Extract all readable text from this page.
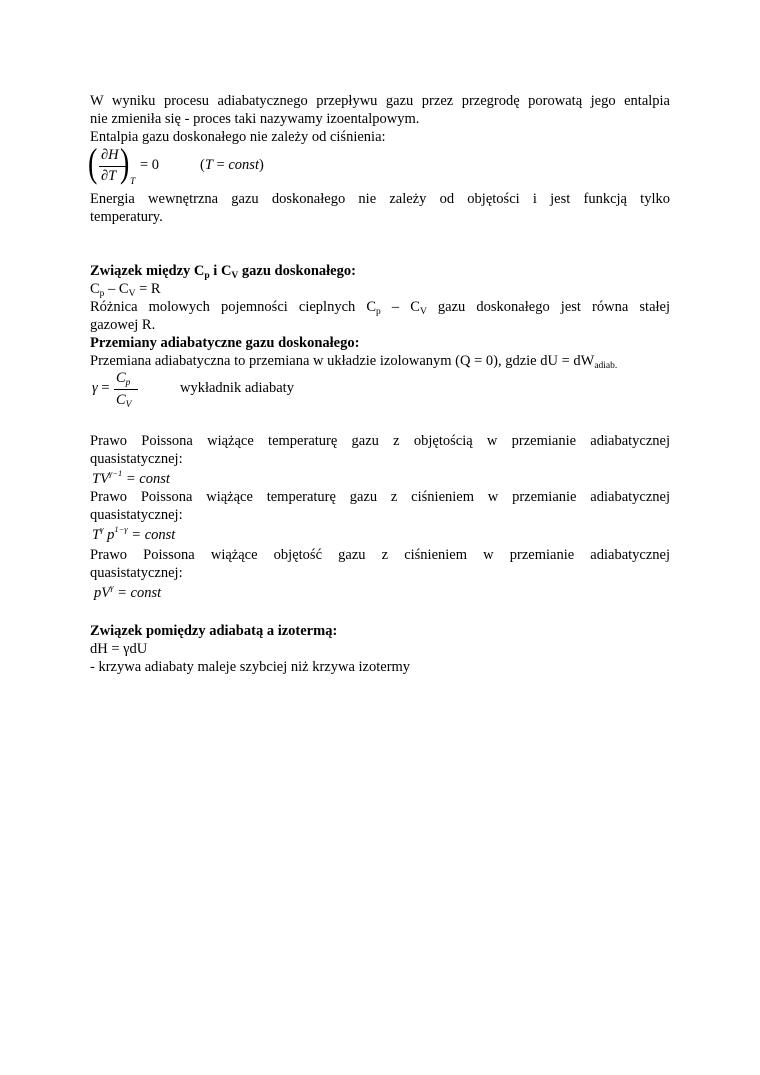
W wyniku procesu adiabatycznego przepływu gazu przez przegrodę porowatą jego entalpia
nie zmieniła się - proces taki nazywamy izoentalpowym.
Entalpia gazu doskonałego nie zależy od ciśnienia:
( ∂H
∂T ) T
= 0	(T = const)
Energia wewnętrzna gazu doskonałego nie zależy od objętości i jest funkcją tylko
temperatury.
Związek między $C_p$ i $C_V$ gazu doskonałego:
$C_p - C_V = R$
Różnica molowych pojemności cieplnych $C_p - C_V$ gazu doskonałego jest równa stałej
gazowej R.
Przemiany adiabatyczne gazu doskonałego:
Przemiana adiabatyczna to przemiana w układzie izolowanym (Q = 0), gdzie dU = $dW_{adiab.}$
γ =
$C_p$
$C_V$
wykładnik adiabaty
Prawo Poissona wiążące temperaturę gazu z objętością w przemianie adiabatycznej
quasistatycznej:
$TV^{\gamma-1}$ = const
Prawo Poissona wiążące temperaturę gazu z ciśnieniem w przemianie adiabatycznej
quasistatycznej:
$T^\gamma$ $p^{1-\gamma}$ = const
Prawo Poissona wiążące objętość gazu z ciśnieniem w przemianie adiabatycznej
quasistatycznej:
$pV^\gamma$ = const
Związek pomiędzy adiabatą a izotermą:
dH = γdU
- krzywa adiabaty maleje szybciej niż krzywa izotermy
